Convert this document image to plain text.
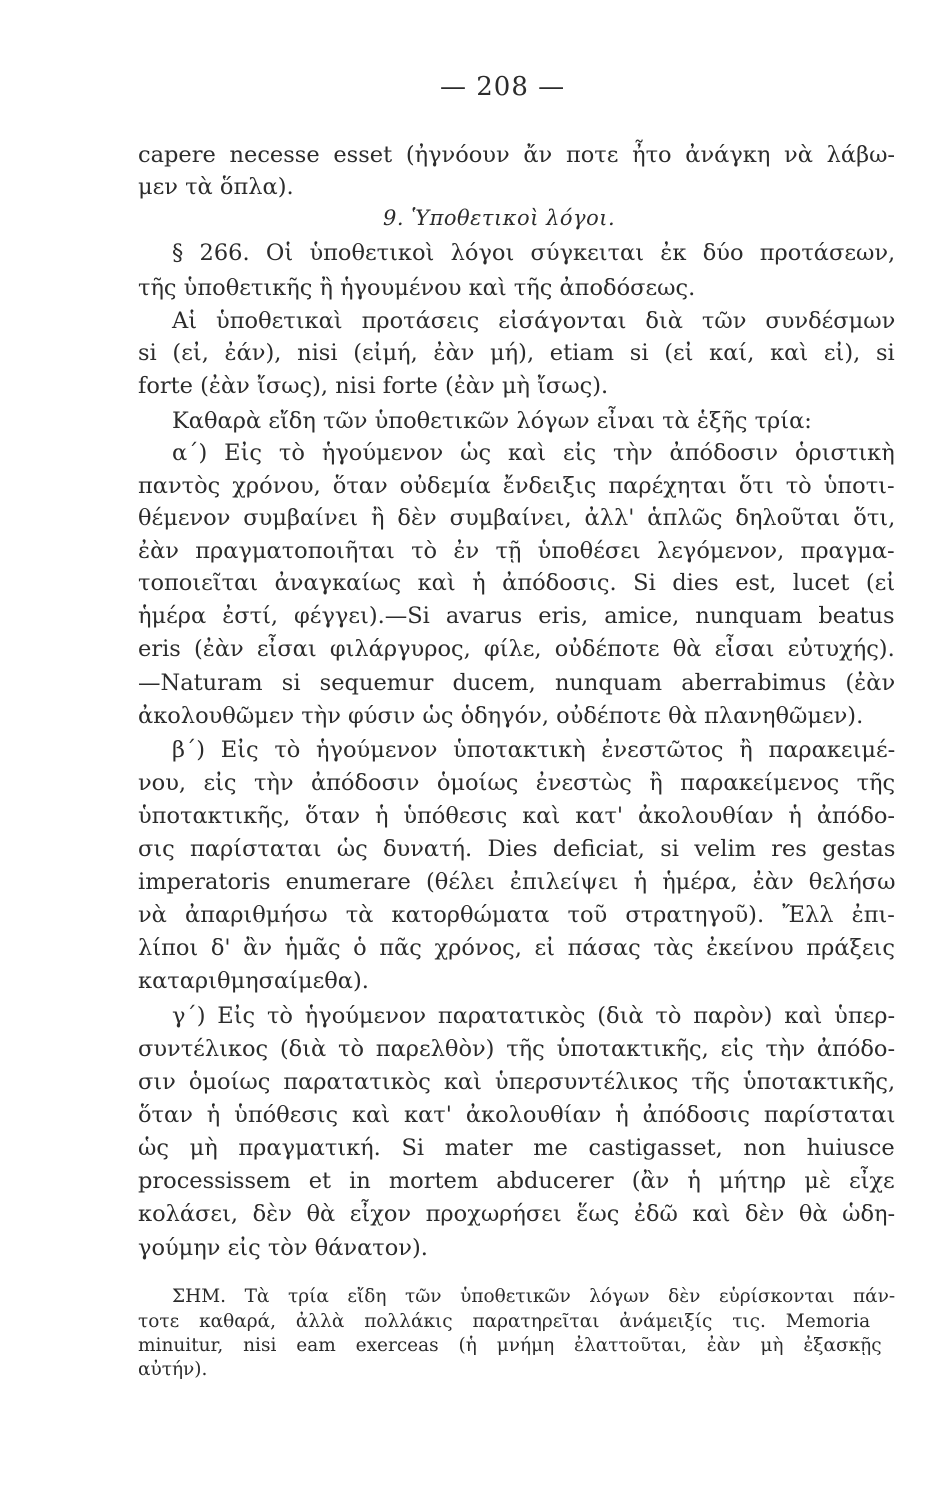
— 208 —
capere necesse esset (ἠγνόουν ἄν ποτε ἦτο ἀνάγκη νὰ λάβω-
μεν τὰ ὅπλα).
9. Ὑποθετικοὶ λόγοι.
§ 266. Οἱ ὑποθετικοὶ λόγοι σύγκειται ἐκ δύο προτάσεων,
τῆς ὑποθετικῆς ἢ ἡγουμένου καὶ τῆς ἀποδόσεως.
Αἱ ὑποθετικαὶ προτάσεις εἰσάγονται διὰ τῶν συνδέσμων
si (εἰ, ἐάν), nisi (εἰμή, ἐὰν μή), etiam si (εἰ καί, καὶ εἰ), si
forte (ἐὰν ἴσως), nisi forte (ἐὰν μὴ ἴσως).
Καθαρὰ εἴδη τῶν ὑποθετικῶν λόγων εἶναι τὰ ἑξῆς τρία:
α΄) Εἰς τὸ ἡγούμενον ὡς καὶ εἰς τὴν ἀπόδοσιν ὁριστικὴ
παντὸς χρόνου, ὅταν οὐδεμία ἔνδειξις παρέχηται ὅτι τὸ ὑποτι-
θέμενον συμβαίνει ἢ δὲν συμβαίνει, ἀλλ' ἁπλῶς δηλοῦται ὅτι,
ἐὰν πραγματοποιῆται τὸ ἐν τῇ ὑποθέσει λεγόμενον, πραγμα-
τοποιεῖται ἀναγκαίως καὶ ἡ ἀπόδοσις. Si dies est, lucet (εἰ
ἡμέρα ἐστί, φέγγει).—Si avarus eris, amice, nunquam beatus
eris (ἐὰν εἶσαι φιλάργυρος, φίλε, οὐδέποτε θὰ εἶσαι εὐτυχής).
—Naturam si sequemur ducem, nunquam aberrabimus (ἐὰν
ἀκολουθῶμεν τὴν φύσιν ὡς ὁδηγόν, οὐδέποτε θὰ πλανηθῶμεν).
β΄) Εἰς τὸ ἡγούμενον ὑποτακτικὴ ἐνεστῶτος ἢ παρακειμέ-
νου, εἰς τὴν ἀπόδοσιν ὁμοίως ἐνεστὼς ἢ παρακείμενος τῆς
ὑποτακτικῆς, ὅταν ἡ ὑπόθεσις καὶ κατ' ἀκολουθίαν ἡ ἀπόδο-
σις παρίσταται ὡς δυνατή. Dies deficiat, si velim res gestas
imperatoris enumerare (θέλει ἐπιλείψει ἡ ἡμέρα, ἐὰν θελήσω
νὰ ἀπαριθμήσω τὰ κατορθώματα τοῦ στρατηγοῦ). Ἔλλ ἐπι-
λίποι δ' ἂν ἡμᾶς ὁ πᾶς χρόνος, εἰ πάσας τὰς ἐκείνου πράξεις
καταριθμησαίμεθα).
γ΄) Εἰς τὸ ἡγούμενον παρατατικὸς (διὰ τὸ παρὸν) καὶ ὑπερ-
συντέλικος (διὰ τὸ παρελθὸν) τῆς ὑποτακτικῆς, εἰς τὴν ἀπόδο-
σιν ὁμοίως παρατατικὸς καὶ ὑπερσυντέλικος τῆς ὑποτακτικῆς,
ὅταν ἡ ὑπόθεσις καὶ κατ' ἀκολουθίαν ἡ ἀπόδοσις παρίσταται
ὡς μὴ πραγματική. Si mater me castigasset, non huiusce
processissem et in mortem abducerer (ἂν ἡ μήτηρ μὲ εἶχε
κολάσει, δὲν θὰ εἶχον προχωρήσει ἕως ἐδῶ καὶ δὲν θὰ ὡδη-
γούμην εἰς τὸν θάνατον).
ΣΗΜ. Τὰ τρία εἴδη τῶν ὑποθετικῶν λόγων δὲν εὑρίσκονται πάν-
τοτε καθαρά, ἀλλὰ πολλάκις παρατηρεῖται ἀνάμειξίς τις. Memoria
minuitur, nisi eam exerceas (ἡ μνήμη ἐλαττοῦται, ἐὰν μὴ ἐξασκῇς
αὐτήν).
